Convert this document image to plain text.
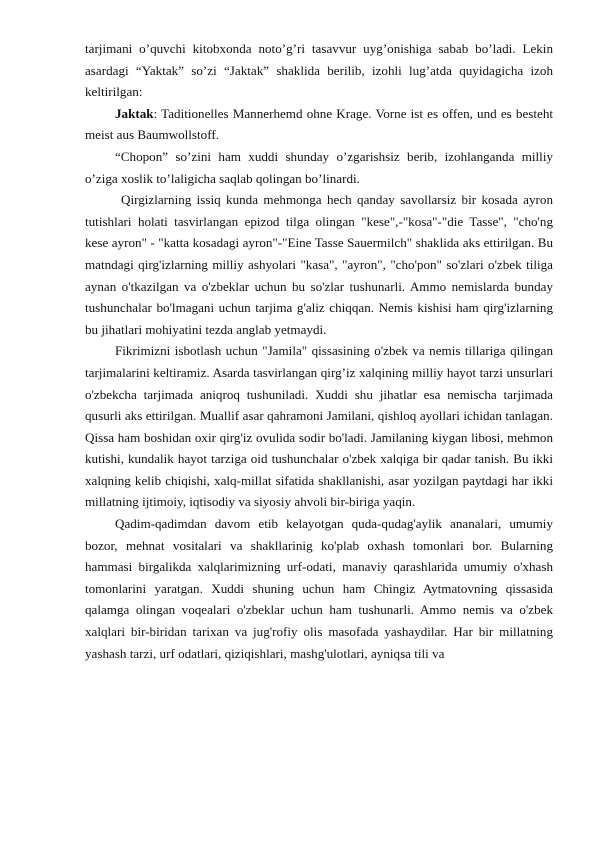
tarjimani o’quvchi kitobxonda noto’g’ri tasavvur uyg’onishiga sabab bo’ladi. Lekin asardagi “Yaktak” so’zi “Jaktak” shaklida berilib, izohli lug’atda quyidagicha izoh keltirilgan:

Jaktak: Taditionelles Mannerhemd ohne Krage. Vorne ist es offen, und es besteht meist aus Baumwollstoff.

“Chopon” so’zini ham xuddi shunday o’zgarishsiz berib, izohlanganda milliy o’ziga xoslik to’laligicha saqlab qolingan bo’linardi.

Qirgizlarning issiq kunda mehmonga hech qanday savollarsiz bir kosada ayron tutishlari holati tasvirlangan epizod tilga olingan "kese",-"kosa"-"die Tasse", "cho'ng kese ayron" - "katta kosadagi ayron"-"Eine Tasse Sauermilch" shaklida aks ettirilgan. Bu matndagi qirg'izlarning milliy ashyolari "kasa", "ayron", "cho'pon" so'zlari o'zbek tiliga aynan o'tkazilgan va o'zbeklar uchun bu so'zlar tushunarli. Ammo nemislarda bunday tushunchalar bo'lmagani uchun tarjima g'aliz chiqqan. Nemis kishisi ham qirg'izlarning bu jihatlari mohiyatini tezda anglab yetmaydi.

Fikrimizni isbotlash uchun "Jamila" qissasining o'zbek va nemis tillariga qilingan tarjimalarini keltiramiz. Asarda tasvirlangan qirg’iz xalqining milliy hayot tarzi unsurlari o'zbekcha tarjimada aniqroq tushuniladi. Xuddi shu jihatlar esa nemischa tarjimada qusurli aks ettirilgan. Muallif asar qahramoni Jamilani, qishloq ayollari ichidan tanlagan. Qissa ham boshidan oxir qirg'iz ovulida sodir bo'ladi. Jamilaning kiygan libosi, mehmon kutishi, kundalik hayot tarziga oid tushunchalar o'zbek xalqiga bir qadar tanish. Bu ikki xalqning kelib chiqishi, xalq-millat sifatida shakllanishi, asar yozilgan paytdagi har ikki millatning ijtimoiy, iqtisodiy va siyosiy ahvoli bir-biriga yaqin.

Qadim-qadimdan davom etib kelayotgan quda-qudag'aylik ananalari, umumiy bozor, mehnat vositalari va shakllarinig ko'plab oxhash tomonlari bor. Bularning hammasi birgalikda xalqlarimizning urf-odati, manaviy qarashlarida umumiy o'xhash tomonlarini yaratgan. Xuddi shuning uchun ham Chingiz Aytmatovning qissasida qalamga olingan voqealari o'zbeklar uchun ham tushunarli. Ammo nemis va o'zbek xalqlari bir-biridan tarixan va jug'rofiy olis masofada yashaydilar. Har bir millatning yashash tarzi, urf odatlari, qiziqishlari, mashg'ulotlari, ayniqsa tili va
